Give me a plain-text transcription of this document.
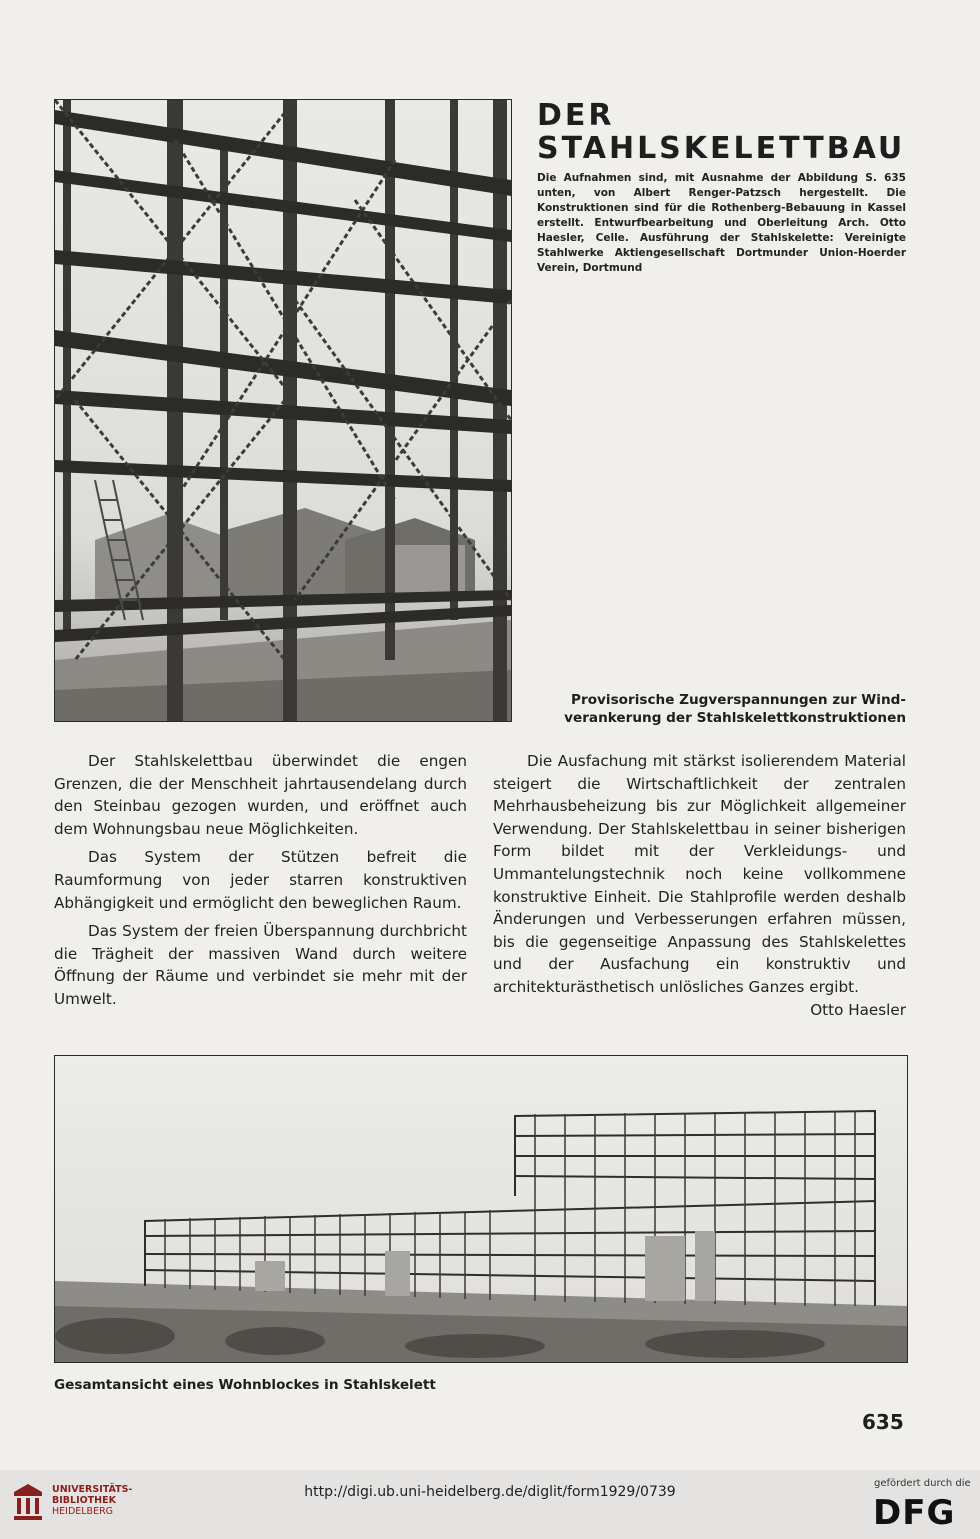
DER
STAHLSKELETTBAU
Die Aufnahmen sind, mit Ausnahme der Abbildung S. 635 unten, von Albert Renger-Patzsch hergestellt. Die Konstruktionen sind für die Rothenberg-Bebauung in Kassel erstellt. Entwurfbearbeitung und Oberleitung Arch. Otto Haesler, Celle. Ausführung der Stahlskelette: Vereinigte Stahlwerke Aktiengesellschaft Dortmunder Union-Hoerder Verein, Dortmund
Provisorische Zugverspannungen zur Wind-
verankerung der Stahlskelettkonstruktionen

Der Stahlskelettbau überwindet die engen Grenzen, die der Menschheit jahrtausendelang durch den Steinbau gezogen wurden, und eröffnet auch dem Wohnungsbau neue Möglichkeiten.

Das System der Stützen befreit die Raumformung von jeder starren konstruktiven Abhängigkeit und ermöglicht den beweglichen Raum.

Das System der freien Überspannung durchbricht die Trägheit der massiven Wand durch weitere Öffnung der Räume und verbindet sie mehr mit der Umwelt.

Die Ausfachung mit stärkst isolierendem Material steigert die Wirtschaftlichkeit der zentralen Mehrhausbeheizung bis zur Möglichkeit allgemeiner Verwendung. Der Stahlskelettbau in seiner bisherigen Form bildet mit der Verkleidungs- und Ummantelungstechnik noch keine vollkommene konstruktive Einheit. Die Stahlprofile werden deshalb Änderungen und Verbesserungen erfahren müssen, bis die gegenseitige Anpassung des Stahlskelettes und der Ausfachung ein konstruktiv und architekturästhetisch unlösliches Ganzes ergibt.
Otto Haesler

Gesamtansicht eines Wohnblockes in Stahlskelett
635
UNIVERSITÄTS-
BIBLIOTHEK
HEIDELBERG
http://digi.ub.uni-heidelberg.de/diglit/form1929/0739
gefördert durch die
DFG
